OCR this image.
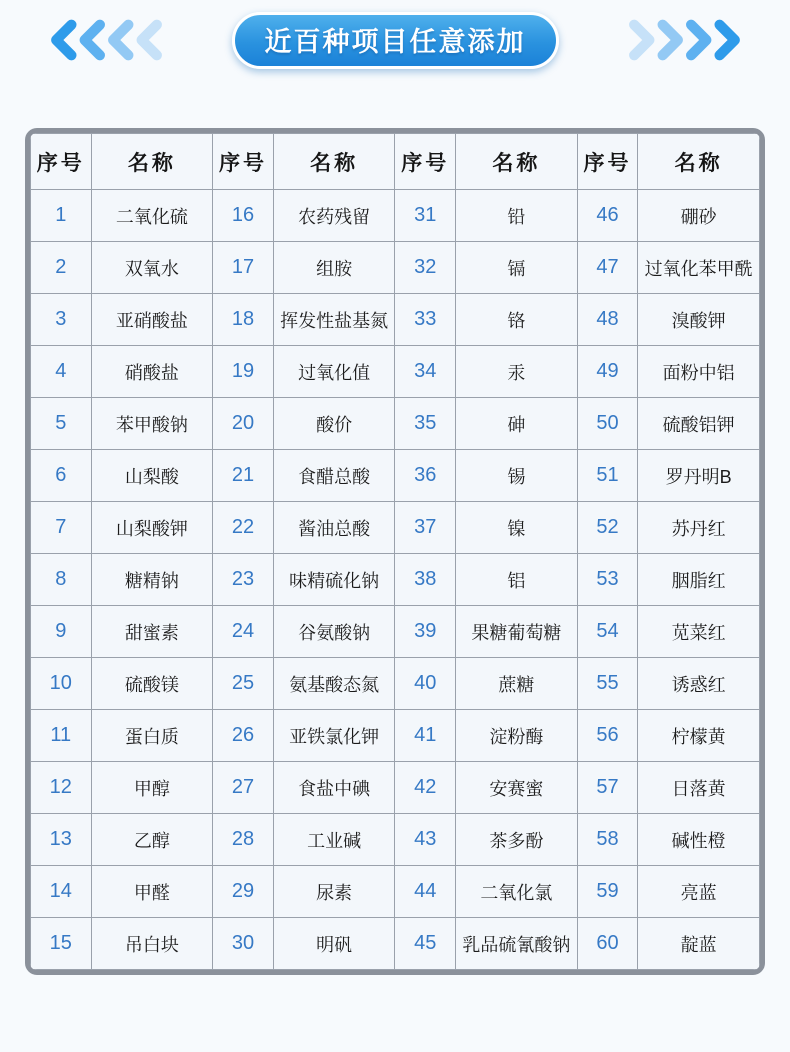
近百种项目任意添加
序号	名称	序号	名称	序号	名称	序号	名称
1	二氧化硫	16	农药残留	31	铅	46	硼砂
2	双氧水	17	组胺	32	镉	47	过氧化苯甲酰
3	亚硝酸盐	18	挥发性盐基氮	33	铬	48	溴酸钾
4	硝酸盐	19	过氧化值	34	汞	49	面粉中铝
5	苯甲酸钠	20	酸价	35	砷	50	硫酸铝钾
6	山梨酸	21	食醋总酸	36	锡	51	罗丹明B
7	山梨酸钾	22	酱油总酸	37	镍	52	苏丹红
8	糖精钠	23	味精硫化钠	38	铝	53	胭脂红
9	甜蜜素	24	谷氨酸钠	39	果糖葡萄糖	54	苋菜红
10	硫酸镁	25	氨基酸态氮	40	蔗糖	55	诱惑红
11	蛋白质	26	亚铁氯化钾	41	淀粉酶	56	柠檬黄
12	甲醇	27	食盐中碘	42	安赛蜜	57	日落黄
13	乙醇	28	工业碱	43	茶多酚	58	碱性橙
14	甲醛	29	尿素	44	二氧化氯	59	亮蓝
15	吊白块	30	明矾	45	乳品硫氰酸钠	60	靛蓝
